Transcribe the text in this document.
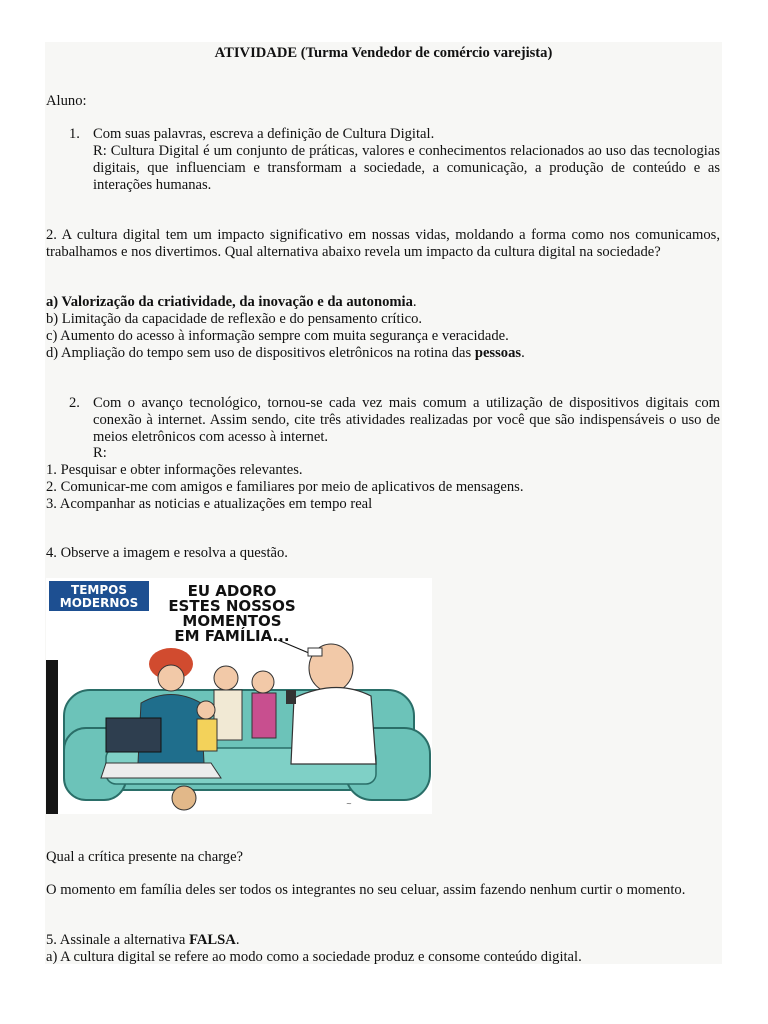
ATIVIDADE (Turma Vendedor de comércio varejista)
Aluno:
1. Com suas palavras, escreva a definição de Cultura Digital.
R: Cultura Digital é um conjunto de práticas, valores e conhecimentos relacionados ao uso das tecnologias digitais, que influenciam e transformam a sociedade, a comunicação, a produção de conteúdo e as interações humanas.
2. A cultura digital tem um impacto significativo em nossas vidas, moldando a forma como nos comunicamos, trabalhamos e nos divertimos. Qual alternativa abaixo revela um impacto da cultura digital na sociedade?
a) Valorização da criatividade, da inovação e da autonomia.
b) Limitação da capacidade de reflexão e do pensamento crítico.
c) Aumento do acesso à informação sempre com muita segurança e veracidade.
d) Ampliação do tempo sem uso de dispositivos eletrônicos na rotina das pessoas.
2. Com o avanço tecnológico, tornou-se cada vez mais comum a utilização de dispositivos digitais com conexão à internet. Assim sendo, cite três atividades realizadas por você que são indispensáveis o uso de meios eletrônicos com acesso à internet.
R:
1. Pesquisar e obter informações relevantes.
2. Comunicar-me com amigos e familiares por meio de aplicativos de mensagens.
3. Acompanhar as noticias e atualizações em tempo real
4. Observe a imagem e resolva a questão.
Qual a crítica presente na charge?
O momento em família deles ser todos os integrantes no seu celuar, assim fazendo nenhum curtir o momento.
5. Assinale a alternativa FALSA.
a) A cultura digital se refere ao modo como a sociedade produz e consome conteúdo digital.
TEMPOS
MODERNOS
EU ADORO
ESTES NOSSOS
MOMENTOS
EM FAMÍLIA...
~
